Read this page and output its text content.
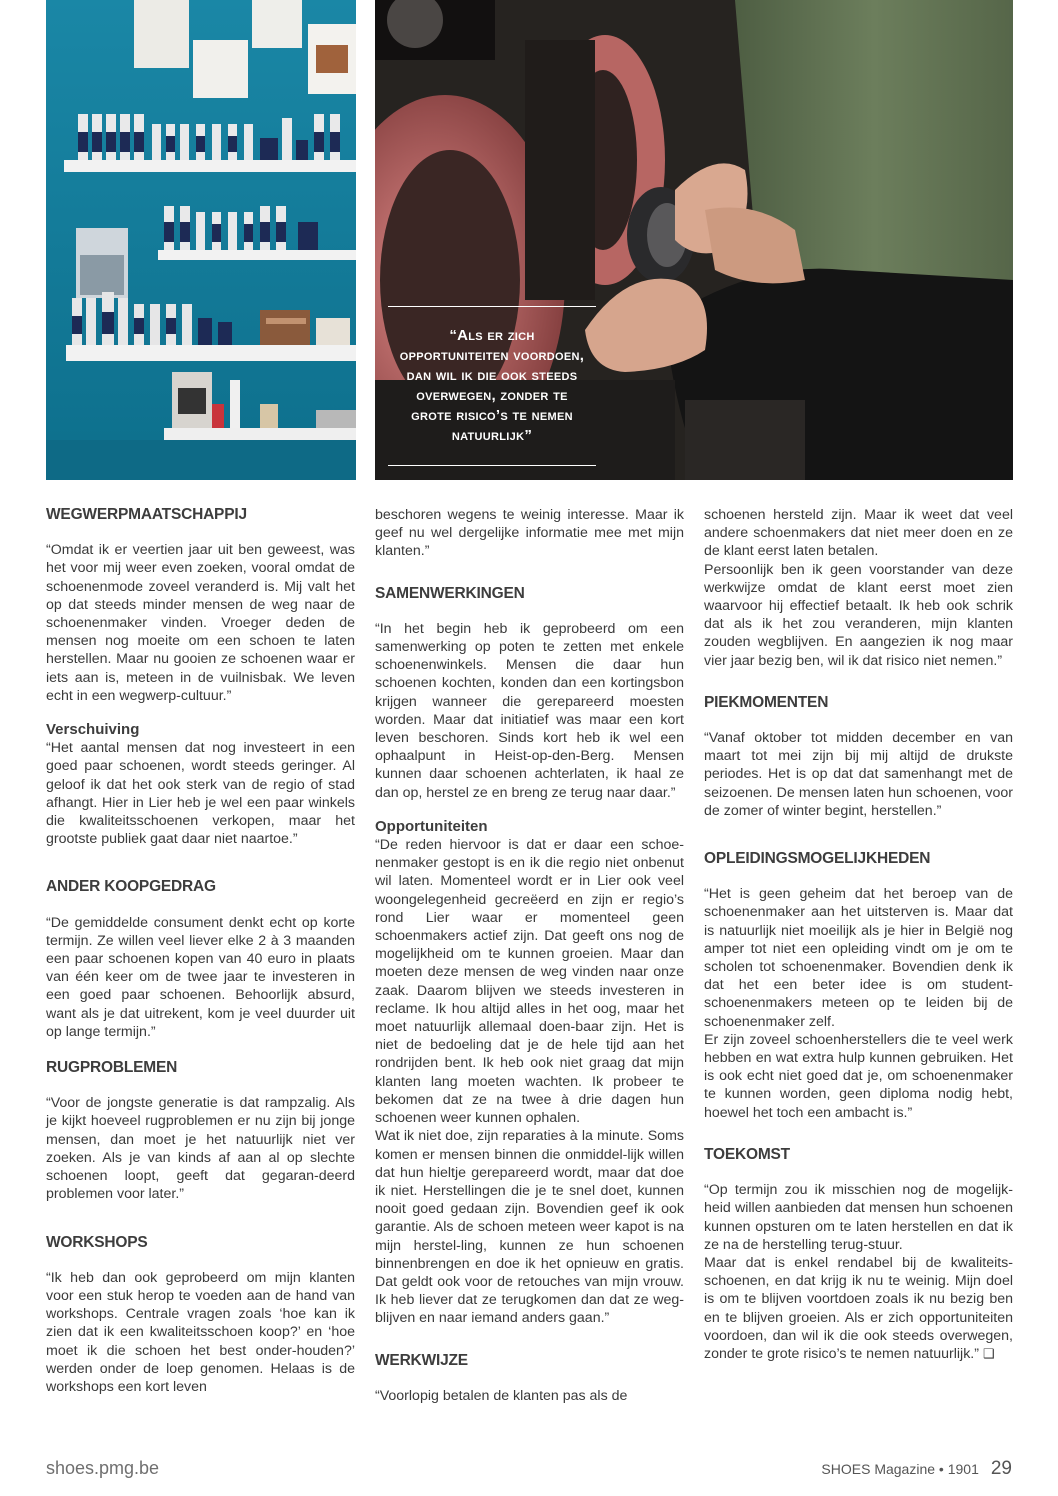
“Als er zich opportuniteiten voordoen, dan wil ik die ook steeds overwegen, zonder te grote risico’s te nemen natuurlijk”
WEGWERPMAATSCHAPPIJ

“Omdat ik er veertien jaar uit ben geweest, was het voor mij weer even zoeken, vooral omdat de schoenenmode zoveel veranderd is. Mij valt het op dat steeds minder mensen de weg naar de schoenenmaker vinden. Vroeger deden de mensen nog moeite om een schoen te laten herstellen. Maar nu gooien ze schoenen waar er iets aan is, meteen in de vuilnisbak. We leven echt in een wegwerp-cultuur.”

Verschuiving

“Het aantal mensen dat nog investeert in een goed paar schoenen, wordt steeds geringer. Al geloof ik dat het ook sterk van de regio of stad afhangt. Hier in Lier heb je wel een paar winkels die kwaliteitsschoenen verkopen, maar het grootste publiek gaat daar niet naartoe.”

ANDER KOOPGEDRAG

“De gemiddelde consument denkt echt op korte termijn. Ze willen veel liever elke 2 à 3 maanden een paar schoenen kopen van 40 euro in plaats van één keer om de twee jaar te investeren in een goed paar schoenen. Behoorlijk absurd, want als je dat uitrekent, kom je veel duurder uit op lange termijn.”

RUGPROBLEMEN

“Voor de jongste generatie is dat rampzalig. Als je kijkt hoeveel rugproblemen er nu zijn bij jonge mensen, dan moet je het natuurlijk niet ver zoeken. Als je van kinds af aan al op slechte schoenen loopt, geeft dat gegaran-deerd problemen voor later.”

WORKSHOPS

“Ik heb dan ook geprobeerd om mijn klanten voor een stuk herop te voeden aan de hand van workshops. Centrale vragen zoals ‘hoe kan ik zien dat ik een kwaliteitsschoen koop?’ en ‘hoe moet ik die schoen het best onder-houden?’ werden onder de loep genomen. Helaas is de workshops een kort leven

beschoren wegens te weinig interesse. Maar ik geef nu wel dergelijke informatie mee met mijn klanten.”

SAMENWERKINGEN

“In het begin heb ik geprobeerd om een samenwerking op poten te zetten met enkele schoenenwinkels. Mensen die daar hun schoenen kochten, konden dan een kortingsbon krijgen wanneer die gerepareerd moesten worden. Maar dat initiatief was maar een kort leven beschoren. Sinds kort heb ik wel een ophaalpunt in Heist-op-den-Berg. Mensen kunnen daar schoenen achterlaten, ik haal ze dan op, herstel ze en breng ze terug naar daar.”

Opportuniteiten

“De reden hiervoor is dat er daar een schoe-nenmaker gestopt is en ik die regio niet onbenut wil laten. Momenteel wordt er in Lier ook veel woongelegenheid gecreëerd en zijn er regio’s rond Lier waar er momenteel geen schoenmakers actief zijn. Dat geeft ons nog de mogelijkheid om te kunnen groeien. Maar dan moeten deze mensen de weg vinden naar onze zaak. Daarom blijven we steeds investeren in reclame. Ik hou altijd alles in het oog, maar het moet natuurlijk allemaal doen-baar zijn. Het is niet de bedoeling dat je de hele tijd aan het rondrijden bent. Ik heb ook niet graag dat mijn klanten lang moeten wachten. Ik probeer te bekomen dat ze na twee à drie dagen hun schoenen weer kunnen ophalen.

Wat ik niet doe, zijn reparaties à la minute. Soms komen er mensen binnen die onmiddel-lijk willen dat hun hieltje gerepareerd wordt, maar dat doe ik niet. Herstellingen die je te snel doet, kunnen nooit goed gedaan zijn. Bovendien geef ik ook garantie. Als de schoen meteen weer kapot is na mijn herstel-ling, kunnen ze hun schoenen binnenbrengen en doe ik het opnieuw en gratis. Dat geldt ook voor de retouches van mijn vrouw. Ik heb liever dat ze terugkomen dan dat ze weg-blijven en naar iemand anders gaan.”

WERKWIJZE

“Voorlopig betalen de klanten pas als de

schoenen hersteld zijn. Maar ik weet dat veel andere schoenmakers dat niet meer doen en ze de klant eerst laten betalen.

Persoonlijk ben ik geen voorstander van deze werkwijze omdat de klant eerst moet zien waarvoor hij effectief betaalt. Ik heb ook schrik dat als ik het zou veranderen, mijn klanten zouden wegblijven. En aangezien ik nog maar vier jaar bezig ben, wil ik dat risico niet nemen.”

PIEKMOMENTEN

“Vanaf oktober tot midden december en van maart tot mei zijn bij mij altijd de drukste periodes. Het is op dat dat samenhangt met de seizoenen. De mensen laten hun schoenen, voor de zomer of winter begint, herstellen.”

OPLEIDINGSMOGELIJKHEDEN

“Het is geen geheim dat het beroep van de schoenenmaker aan het uitsterven is. Maar dat is natuurlijk niet moeilijk als je hier in België nog amper tot niet een opleiding vindt om je om te scholen tot schoenenmaker. Bovendien denk ik dat het een beter idee is om student-schoenenmakers meteen op te leiden bij de schoenenmaker zelf.

Er zijn zoveel schoenherstellers die te veel werk hebben en wat extra hulp kunnen gebruiken. Het is ook echt niet goed dat je, om schoenenmaker te kunnen worden, geen diploma nodig hebt, hoewel het toch een ambacht is.”

TOEKOMST

“Op termijn zou ik misschien nog de mogelijk-heid willen aanbieden dat mensen hun schoenen kunnen opsturen om te laten herstellen en dat ik ze na de herstelling terug-stuur.

Maar dat is enkel rendabel bij de kwaliteits-schoenen, en dat krijg ik nu te weinig. Mijn doel is om te blijven voortdoen zoals ik nu bezig ben en te blijven groeien. Als er zich opportuniteiten voordoen, dan wil ik die ook steeds overwegen, zonder te grote risico’s te nemen natuurlijk.” ❑

shoes.pmg.be	SHOES Magazine • 1901 29
